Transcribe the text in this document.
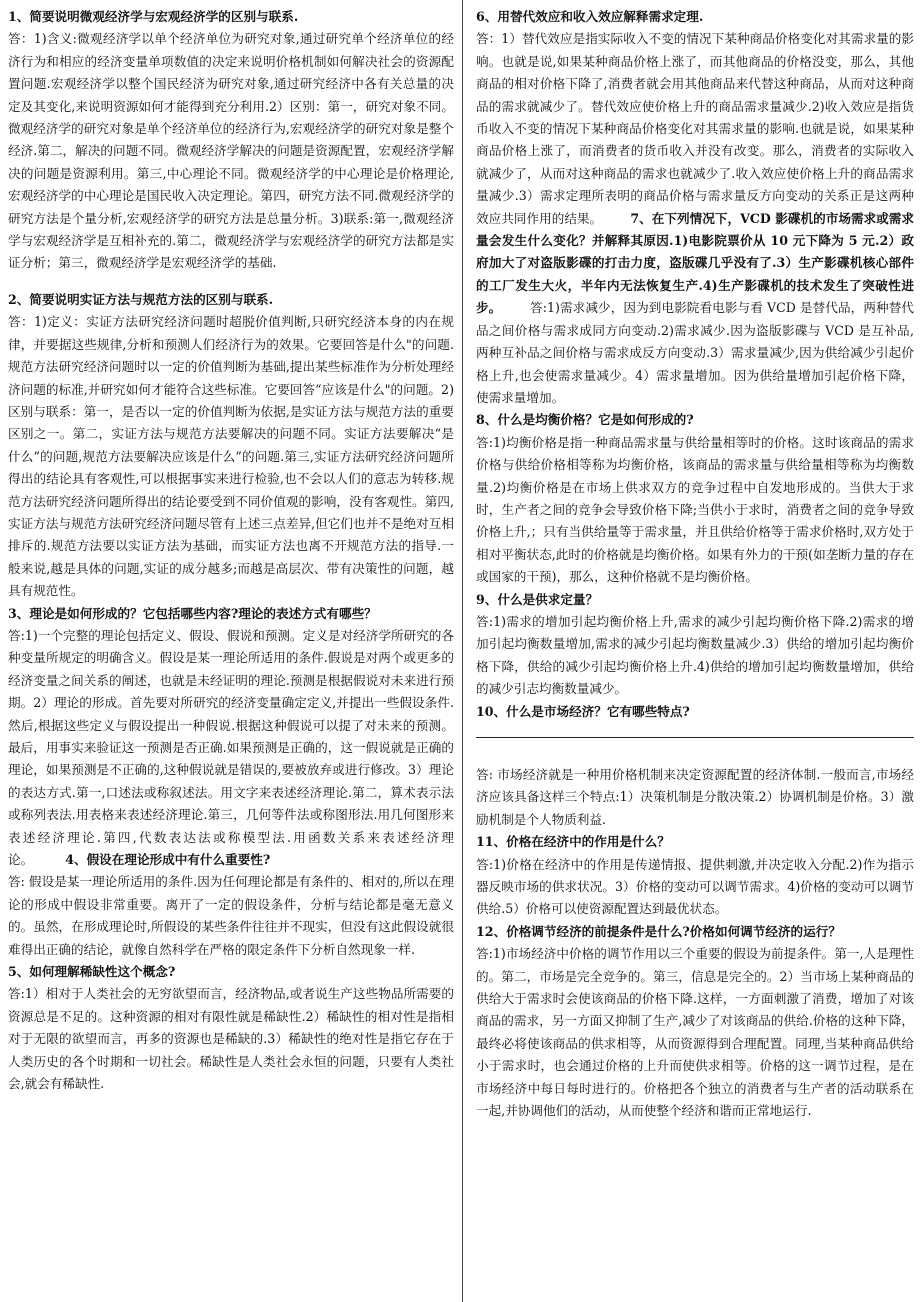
1、简要说明微观经济学与宏观经济学的区别与联系.

答：1)含义:微观经济学以单个经济单位为研究对象,通过研究单个经济单位的经济行为和相应的经济变量单项数值的决定来说明价格机制如何解决社会的资源配置问题.宏观经济学以整个国民经济为研究对象,通过研究经济中各有关总量的决定及其变化,来说明资源如何才能得到充分利用.2）区别：第一，研究对象不同。微观经济学的研究对象是单个经济单位的经济行为,宏观经济学的研究对象是整个经济.第二，解决的问题不同。微观经济学解决的问题是资源配置，宏观经济学解决的问题是资源利用。第三,中心理论不同。微观经济学的中心理论是价格理论,宏观经济学的中心理论是国民收入决定理论。第四，研究方法不同.微观经济学的研究方法是个量分析,宏观经济学的研究方法是总量分析。3)联系:第一,微观经济学与宏观经济学是互相补充的.第二，微观经济学与宏观经济学的研究方法都是实证分析；第三，微观经济学是宏观经济学的基础.

2、简要说明实证方法与规范方法的区别与联系.

答：1)定义：实证方法研究经济问题时超脱价值判断,只研究经济本身的内在规律，并要据这些规律,分析和预测人们经济行为的效果。它要回答是什么"的问题.规范方法研究经济问题时以一定的价值判断为基础,提出某些标准作为分析处理经济问题的标准,并研究如何才能符合这些标准。它要回答“应该是什么"的问题。2)区别与联系：第一，是否以一定的价值判断为依据,是实证方法与规范方法的重要区别之一。第二，实证方法与规范方法要解决的问题不同。实证方法要解决“是什么”的问题,规范方法要解决应该是什么”的问题.第三,实证方法研究经济问题所得出的结论具有客观性,可以根据事实来进行检验,也不会以人们的意志为转移.规范方法研究经济问题所得出的结论要受到不同价值观的影响，没有客观性。第四,实证方法与规范方法研究经济问题尽管有上述三点差异,但它们也并不是绝对互相排斥的.规范方法要以实证方法为基础，而实证方法也离不开规范方法的指导.一般来说,越是具体的问题,实证的成分越多;而越是高层次、带有决策性的问题，越具有规范性。

3、理论是如何形成的？它包括哪些内容?理论的表述方式有哪些？

答:1)一个完整的理论包括定义、假设、假说和预测。定义是对经济学所研究的各种变量所规定的明确含义。假设是某一理论所适用的条件.假说是对两个或更多的经济变量之间关系的阐述，也就是未经证明的理论.预测是根据假说对未来进行预期。2）理论的形成。首先要对所研究的经济变量确定定义,并提出一些假设条件.然后,根据这些定义与假设提出一种假说.根据这种假说可以提了对未来的预测。最后，用事实来验证这一预测是否正确.如果预测是正确的，这一假说就是正确的理论，如果预测是不正确的,这种假说就是错误的,要被放弃或进行修改。3）理论的表达方式.第一,口述法或称叙述法。用文字来表述经济理论.第二，算术表示法或称列表法.用表格来表述经济理论.第三，几何等件法或称图形法.用几何图形来表述经济理论.第四,代数表达法或称模型法.用函数关系来表述经济理论。	4、假设在理论形成中有什么重要性?

答: 假设是某一理论所适用的条件.因为任何理论都是有条件的、相对的,所以在理论的形成中假设非常重要。离开了一定的假设条件，分析与结论都是毫无意义的。虽然，在形成理论时,所假设的某些条件往往并不现实，但没有这此假设就很难得出正确的结论，就像自然科学在严格的限定条件下分析自然现象一样.

5、如何理解稀缺性这个概念?

答:1）相对于人类社会的无穷欲望而言，经济物品,或者说生产这些物品所需要的资源总是不足的。这种资源的相对有限性就是稀缺性.2）稀缺性的相对性是指相对于无限的欲望而言，再多的资源也是稀缺的.3）稀缺性的绝对性是指它存在于人类历史的各个时期和一切社会。稀缺性是人类社会永恒的问题，只要有人类社会,就会有稀缺性.

6、用替代效应和收入效应解释需求定理.

答：1）替代效应是指实际收入不变的情况下某种商品价格变化对其需求量的影响。也就是说,如果某种商品价格上涨了，而其他商品的价格没变，那么，其他商品的相对价格下降了,消费者就会用其他商品来代替这种商品，从而对这种商品的需求就减少了。替代效应使价格上升的商品需求量减少.2)收入效应是指货币收入不变的情况下某种商品价格变化对其需求量的影响.也就是说，如果某种商品价格上涨了，而消费者的货币收入并没有改变。那么，消费者的实际收入就减少了，从而对这种商品的需求也就减少了.收入效应使价格上升的商品需求量减少.3）需求定理所表明的商品价格与需求量反方向变动的关系正是这两种效应共同作用的结果。 7、在下列情况下，VCD 影碟机的市场需求或需求量会发生什么变化？并解释其原因.1)电影院票价从 10 元下降为 5 元.2）政府加大了对盗版影碟的打击力度，盗版碟几乎没有了.3）生产影碟机核心部件的工厂发生大火，半年内无法恢复生产.4)生产影碟机的技术发生了突破性进步。 答:1)需求减少，因为到电影院看电影与看 VCD 是替代品，两种替代品之间价格与需求成同方向变动.2)需求减少.因为盗版影碟与 VCD 是互补品,两种互补品之间价格与需求成反方向变动.3）需求量减少,因为供给减少引起价格上升,也会使需求量减少。4）需求量增加。因为供给量增加引起价格下降，使需求量增加。

8、什么是均衡价格？它是如何形成的?

答:1)均衡价格是指一种商品需求量与供给量相等时的价格。这时该商品的需求价格与供给价格相等称为均衡价格，该商品的需求量与供给量相等称为均衡数量.2)均衡价格是在市场上供求双方的竞争过程中自发地形成的。当供大于求时，生产者之间的竞争会导致价格下降;当供小于求时，消费者之间的竞争导致价格上升,；只有当供给量等于需求量，并且供给价格等于需求价格时,双方处于相对平衡状态,此时的价格就是均衡价格。如果有外力的干预(如垄断力量的存在或国家的干预)，那么，这种价格就不是均衡价格。

9、什么是供求定量？

答:1)需求的增加引起均衡价格上升,需求的减少引起均衡价格下降.2)需求的增加引起均衡数量增加,需求的减少引起均衡数量减少.3）供给的增加引起均衡价格下降，供给的减少引起均衡价格上升.4)供给的增加引起均衡数量增加，供给的减少引志均衡数量减少。

10、什么是市场经济？它有哪些特点?

答: 市场经济就是一种用价格机制来决定资源配置的经济体制.一般而言,市场经济应该具备这样三个特点:1）决策机制是分散决策.2）协调机制是价格。3）激励机制是个人物质利益.

11、价格在经济中的作用是什么？

答:1)价格在经济中的作用是传递情报、提供刺激,并决定收入分配.2)作为指示器反映市场的供求状况。3）价格的变动可以调节需求。4)价格的变动可以调节供给.5）价格可以使资源配置达到最优状态。

12、价格调节经济的前提条件是什么?价格如何调节经济的运行？

答:1)市场经济中价格的调节作用以三个重要的假设为前提条件。第一,人是理性的。第二，市场是完全竞争的。第三，信息是完全的。2）当市场上某种商品的供给大于需求时会使该商品的价格下降.这样，一方面刺激了消费，增加了对该商品的需求，另一方面又抑制了生产,减少了对该商品的供给.价格的这种下降，最终必将使该商品的供求相等，从而资源得到合理配置。同理,当某种商品供给小于需求时，也会通过价格的上升而使供求相等。价格的这一调节过程，是在市场经济中每日每时进行的。价格把各个独立的消费者与生产者的活动联系在一起,并协调他们的活动，从而使整个经济和谐而正常地运行.
